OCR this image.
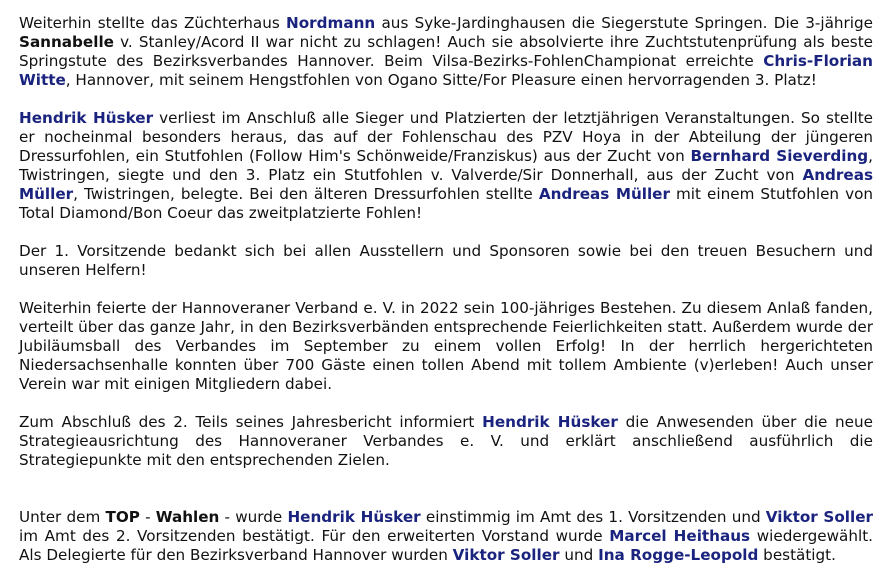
Weiterhin stellte das Züchterhaus Nordmann aus Syke-Jardinghausen die Siegerstute Springen. Die 3-jährige Sannabelle v. Stanley/Acord II war nicht zu schlagen! Auch sie absolvierte ihre Zuchtstutenprüfung als beste Springstute des Bezirksverbandes Hannover. Beim Vilsa-Bezirks-FohlenChampionat erreichte Chris-Florian Witte, Hannover, mit seinem Hengstfohlen von Ogano Sitte/For Pleasure einen hervorragenden 3. Platz!

Hendrik Hüsker verliest im Anschluß alle Sieger und Platzierten der letztjährigen Veranstaltungen. So stellte er nocheinmal besonders heraus, das auf der Fohlenschau des PZV Hoya in der Abteilung der jüngeren Dressurfohlen, ein Stutfohlen (Follow Him's Schönweide/Franziskus) aus der Zucht von Bernhard Sieverding, Twistringen, siegte und den 3. Platz ein Stutfohlen v. Valverde/Sir Donnerhall, aus der Zucht von Andreas Müller, Twistringen, belegte. Bei den älteren Dressurfohlen stellte Andreas Müller mit einem Stutfohlen von Total Diamond/Bon Coeur das zweitplatzierte Fohlen!

Der 1. Vorsitzende bedankt sich bei allen Ausstellern und Sponsoren sowie bei den treuen Besuchern und unseren Helfern!

Weiterhin feierte der Hannoveraner Verband e. V. in 2022 sein 100-jähriges Bestehen. Zu diesem Anlaß fanden, verteilt über das ganze Jahr, in den Bezirksverbänden entsprechende Feierlichkeiten statt. Außerdem wurde der Jubiläumsball des Verbandes im September zu einem vollen Erfolg! In der herrlich hergerichteten Niedersachsenhalle konnten über 700 Gäste einen tollen Abend mit tollem Ambiente (v)erleben! Auch unser Verein war mit einigen Mitgliedern dabei.

Zum Abschluß des 2. Teils seines Jahresbericht informiert Hendrik Hüsker die Anwesenden über die neue Strategieausrichtung des Hannoveraner Verbandes e. V. und erklärt anschließend ausführlich die Strategiepunkte mit den entsprechenden Zielen.

Unter dem TOP - Wahlen - wurde Hendrik Hüsker einstimmig im Amt des 1. Vorsitzenden und Viktor Soller im Amt des 2. Vorsitzenden bestätigt. Für den erweiterten Vorstand wurde Marcel Heithaus wiedergewählt. Als Delegierte für den Bezirksverband Hannover wurden Viktor Soller und Ina Rogge-Leopold bestätigt.
